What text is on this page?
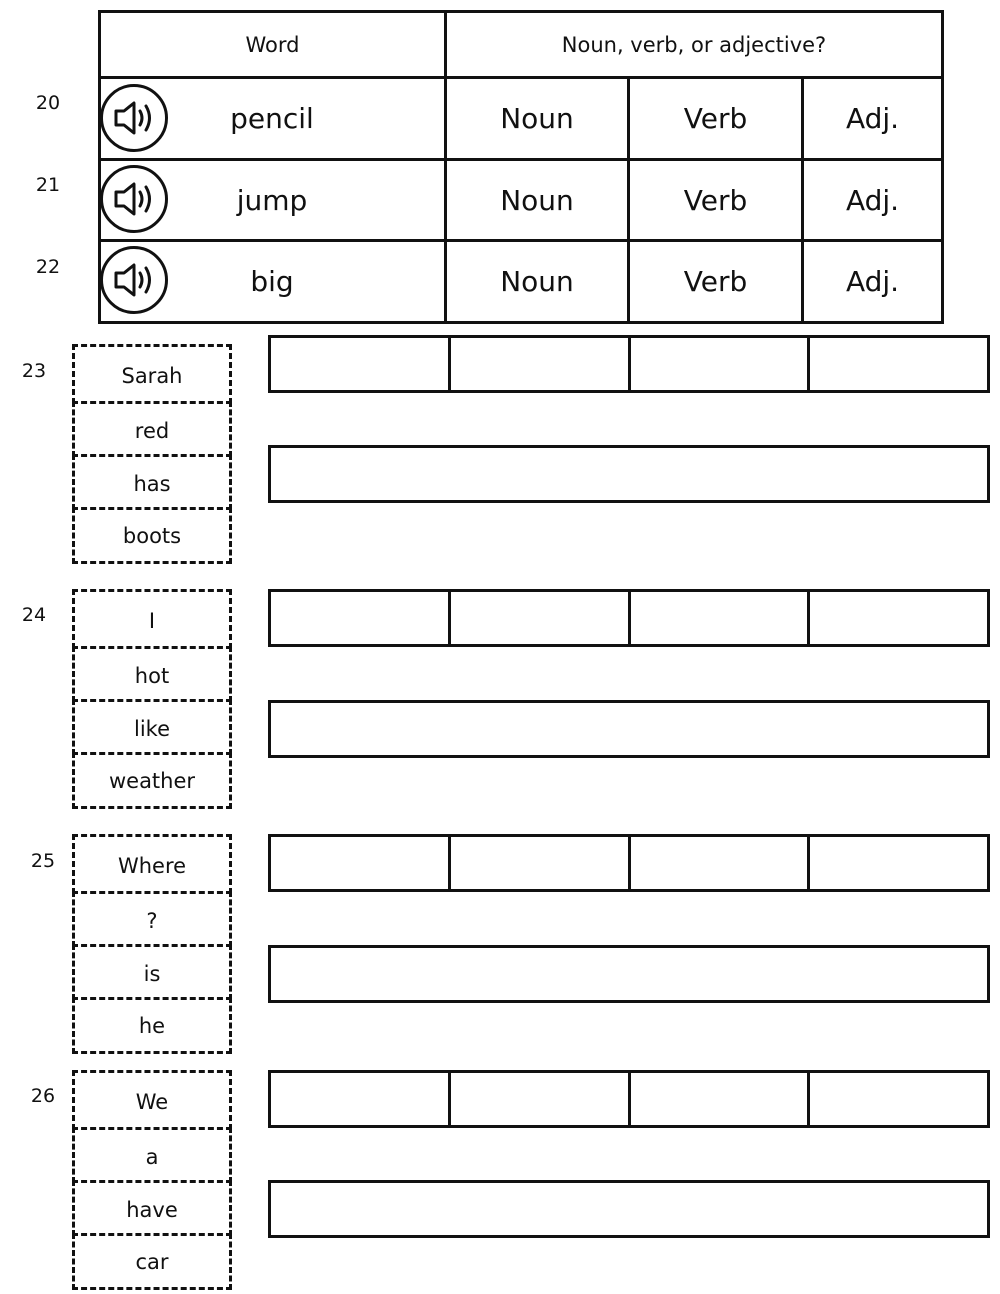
Word	Noun, verb, or adjective?
20	pencil	Noun	Verb	Adj.
21	jump	Noun	Verb	Adj.
22	big	Noun	Verb	Adj.
23	Sarah
red
has
boots
24	I
hot
like
weather
25	Where
?
is
he
26	We
a
have
car
